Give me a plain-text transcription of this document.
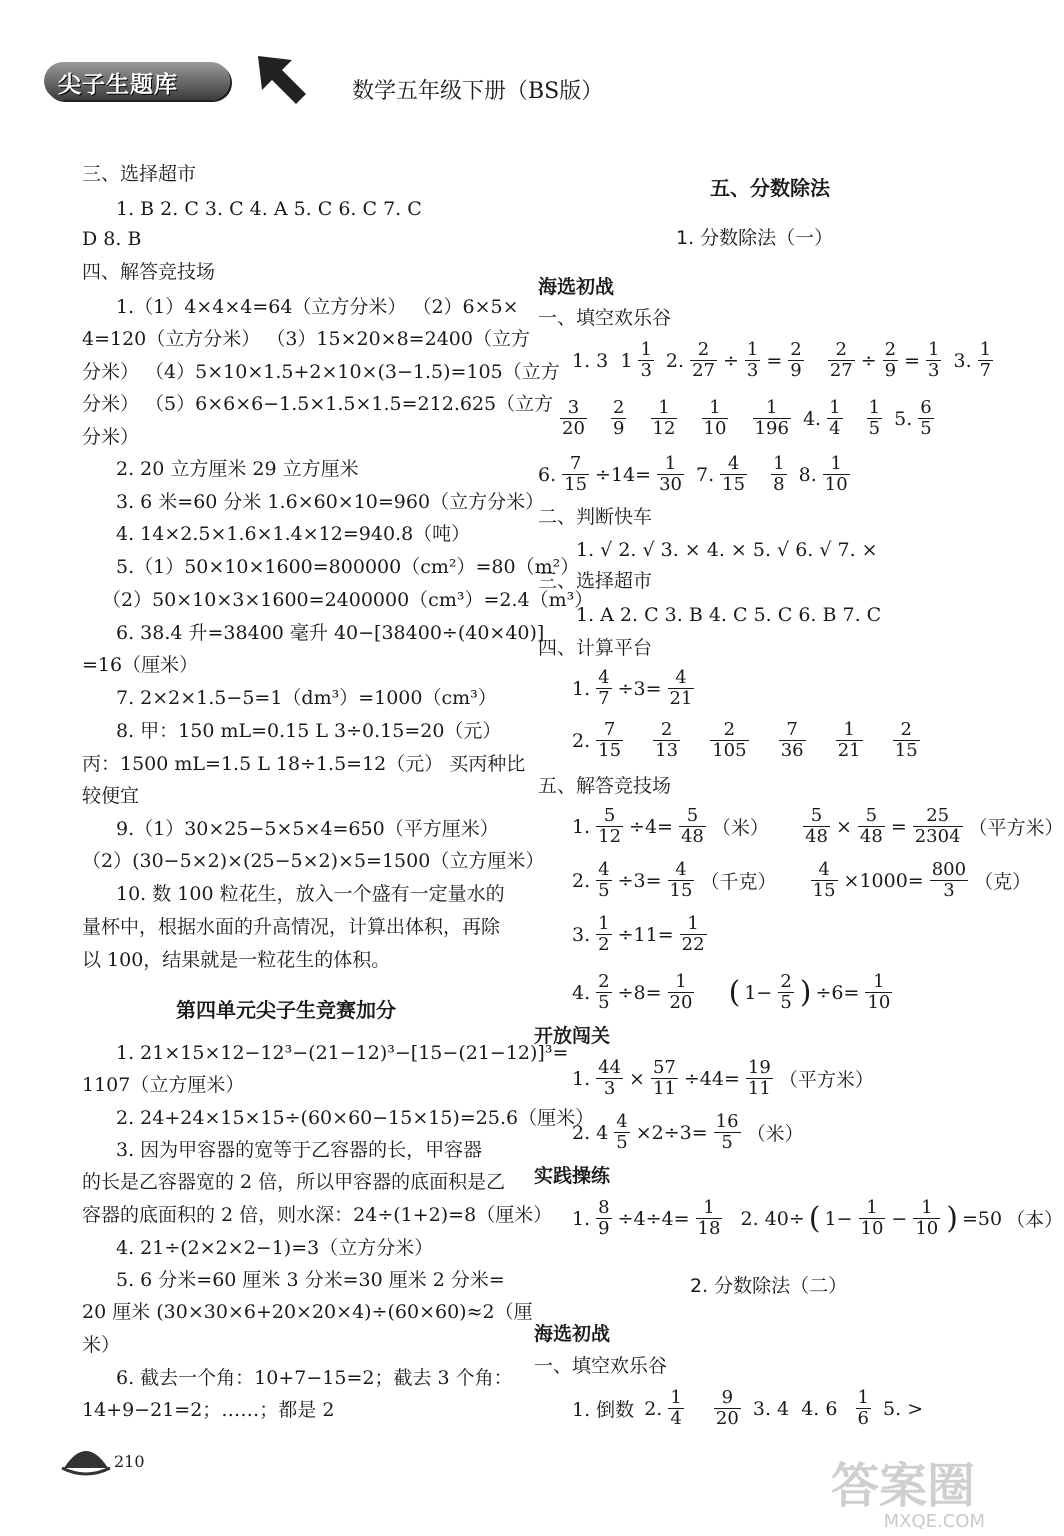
尖子生题库	数学五年级下册（BS版）
三、选择超市
1. B 2. C 3. C 4. A 5. C 6. C 7. C
D 8. B
四、解答竞技场
1.（1）4×4×4=64（立方分米） （2）6×5×
4=120（立方分米） （3）15×20×8=2400（立方
分米） （4）5×10×1.5+2×10×(3−1.5)=105（立方
分米） （5）6×6×6−1.5×1.5×1.5=212.625（立方
分米）
2. 20 立方厘米 29 立方厘米
3. 6 米=60 分米 1.6×60×10=960（立方分米）
4. 14×2.5×1.6×1.4×12=940.8（吨）
5.（1）50×10×1600=800000（cm²）=80（m²）
（2）50×10×3×1600=2400000（cm³）=2.4（m³）
6. 38.4 升=38400 毫升 40−[38400÷(40×40)]
=16（厘米）
7. 2×2×1.5−5=1（dm³）=1000（cm³）
8. 甲：150 mL=0.15 L 3÷0.15=20（元）
丙：1500 mL=1.5 L 18÷1.5=12（元） 买丙种比
较便宜
9.（1）30×25−5×5×4=650（平方厘米）
（2）(30−5×2)×(25−5×2)×5=1500（立方厘米）
10. 数 100 粒花生，放入一个盛有一定量水的
量杯中，根据水面的升高情况，计算出体积，再除
以 100，结果就是一粒花生的体积。
第四单元尖子生竞赛加分
1. 21×15×12−12³−(21−12)³−[15−(21−12)]³=
1107（立方厘米）
2. 24+24×15×15÷(60×60−15×15)=25.6（厘米）
3. 因为甲容器的宽等于乙容器的长，甲容器
的长是乙容器宽的 2 倍，所以甲容器的底面积是乙
容器的底面积的 2 倍，则水深：24÷(1+2)=8（厘米）
4. 21÷(2×2×2−1)=3（立方分米）
5. 6 分米=60 厘米 3 分米=30 厘米 2 分米=
20 厘米 (30×30×6+20×20×4)÷(60×60)≈2（厘
米）
6. 截去一个角：10+7−15=2；截去 3 个角：
14+9−21=2；……；都是 2
五、分数除法
1. 分数除法（一）
海选初战
一、填空欢乐谷
1. 3  1 1
3 2. 2
27 ÷ 1
3 = 2
9

2
27 ÷ 2
9 = 1
3 3. 1
7
3
20

2
9

1
12

1
10

1
196 4. 1
4

1
5 5. 6
5
6. 7
15 ÷14= 1
30 7. 4
15

1
8 8. 1
10
二、判断快车
1. √ 2. √ 3. × 4. × 5. √ 6. √ 7. ×
三、选择超市
1. A 2. C 3. B 4. C 5. C 6. B 7. C
四、计算平台
1. 4
7 ÷3= 4
21
2. 7
15

2
13

2
105

7
36

1
21

2
15
五、解答竞技场
1. 5
12 ÷4= 5
48 （米）

5
48 × 5
48 =	25
2304 （平方米）
2. 4
5 ÷3= 4
15 （千克）

4
15 ×1000= 800
3	（克）
3. 1
2 ÷11= 1
22
4. 2
5 ÷8= 1
20
( 1− 2
5 ) ÷6= 1
10
开放闯关
1. 44
3 × 57
11 ÷44= 19
11 （平方米）
2. 4 4
5 ×2÷3= 16
5 （米）
实践操练
1. 8
9 ÷4÷4= 1
18 2. 40÷ ( 1− 1
10 − 1
10 ) =50 （本）
2. 分数除法（二）
海选初战
一、填空欢乐谷
1. 倒数 2. 1
4

9
20 3. 4  4. 6 1
6 5. >
210	答案圈
MXQE.COM
